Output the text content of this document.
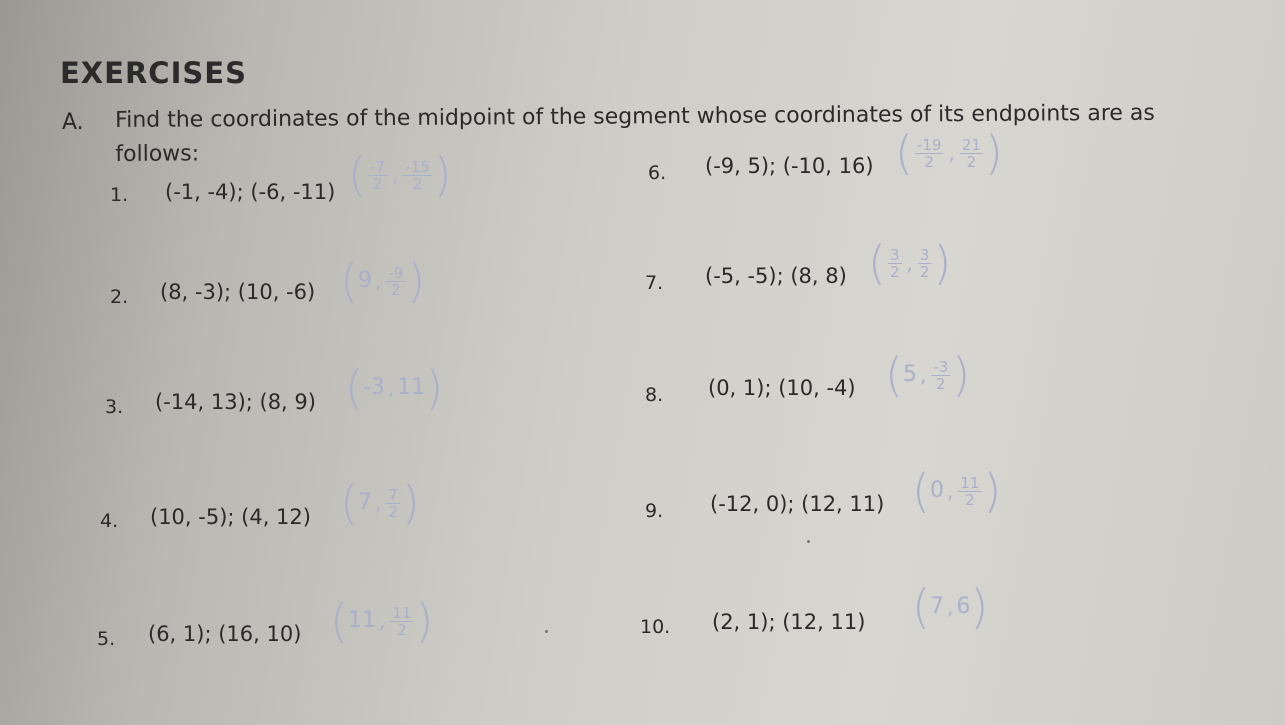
EXERCISES
A. Find the coordinates of the midpoint of the segment whose coordinates of its endpoints are as follows:
1. (-1, -4); (-6, -11) ( $\frac{-7}{2}$ , $\frac{-15}{2}$ )
2. (8, -3); (10, -6) (9 , $\frac{-9}{2}$ )
3. (-14, 13); (8, 9) (-3 , 11)
4. (10, -5); (4, 12) (7 , $\frac{7}{2}$ )
5. (6, 1); (16, 10) (11 , $\frac{11}{2}$ )
6. (-9, 5); (-10, 16) ( $\frac{-19}{2}$ , $\frac{21}{2}$ )
7. (-5, -5); (8, 8) ( $\frac{3}{2}$ , $\frac{3}{2}$ )
8. (0, 1); (10, -4) (5 , $\frac{-3}{2}$ )
9. (-12, 0); (12, 11) (0 , $\frac{11}{2}$ )
10. (2, 1); (12, 11) (7 , 6)
